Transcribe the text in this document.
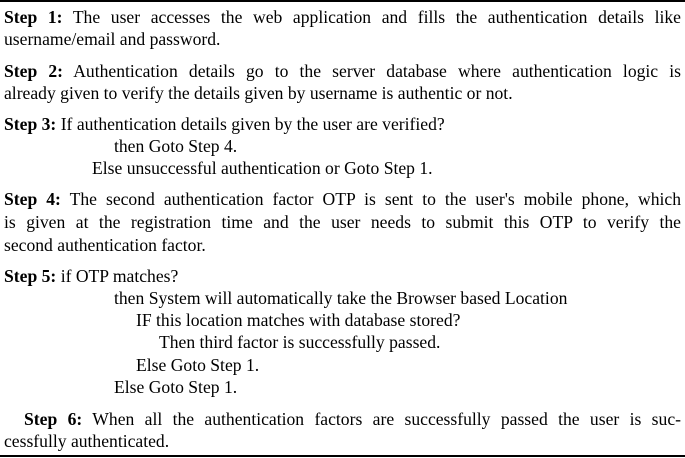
Step 1: The user accesses the web application and fills the authentication details like
username/email and password.
Step 2: Authentication details go to the server database where authentication logic is
already given to verify the details given by username is authentic or not.
Step 3: If authentication details given by the user are verified?
then Goto Step 4.
Else unsuccessful authentication or Goto Step 1.
Step 4: The second authentication factor OTP is sent to the user's mobile phone, which
is given at the registration time and the user needs to submit this OTP to verify the
second authentication factor.
Step 5: if OTP matches?
then System will automatically take the Browser based Location
IF this location matches with database stored?
Then third factor is successfully passed.
Else Goto Step 1.
Else Goto Step 1.
Step 6: When all the authentication factors are successfully passed the user is suc-
cessfully authenticated.
